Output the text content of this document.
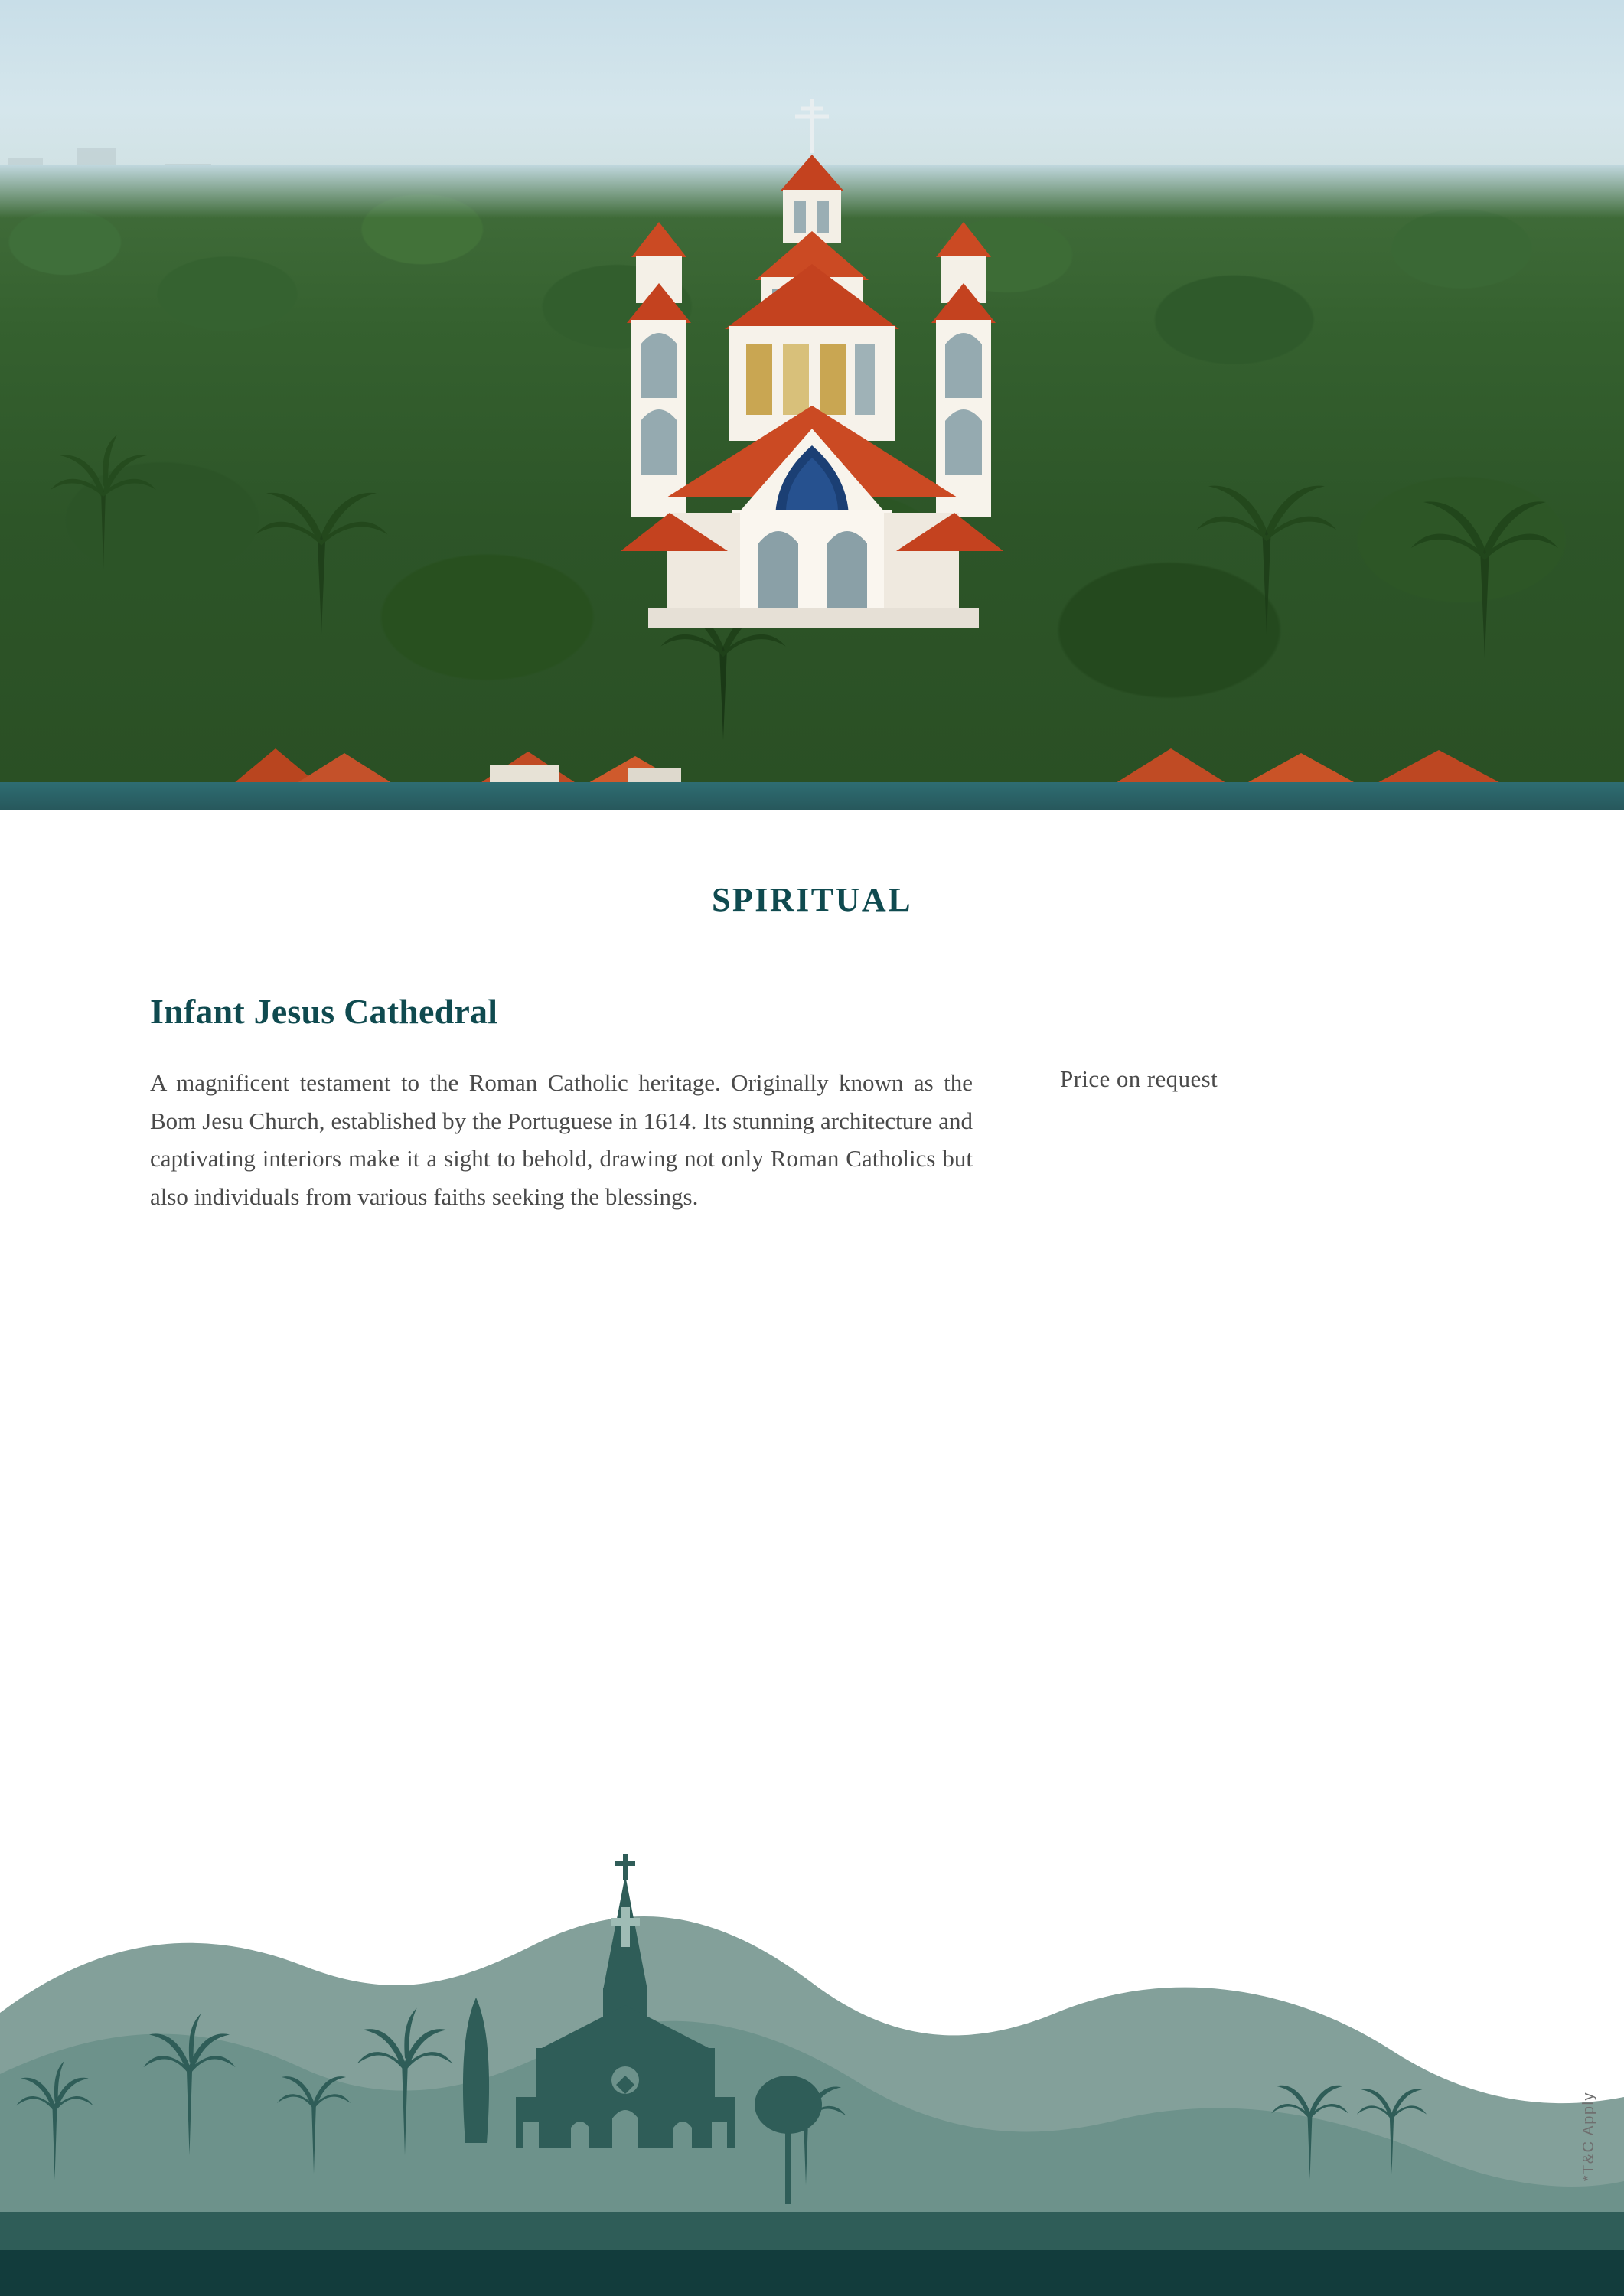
SPIRITUAL
Infant Jesus Cathedral
A magnificent testament to the Roman Catholic heritage. Originally known as the Bom Jesu Church, established by the Portuguese in 1614. Its stunning architecture and captivating interiors make it a sight to behold, drawing not only Roman Catholics but also individuals from various faiths seeking the blessings.
Price on request
*T&C Apply
